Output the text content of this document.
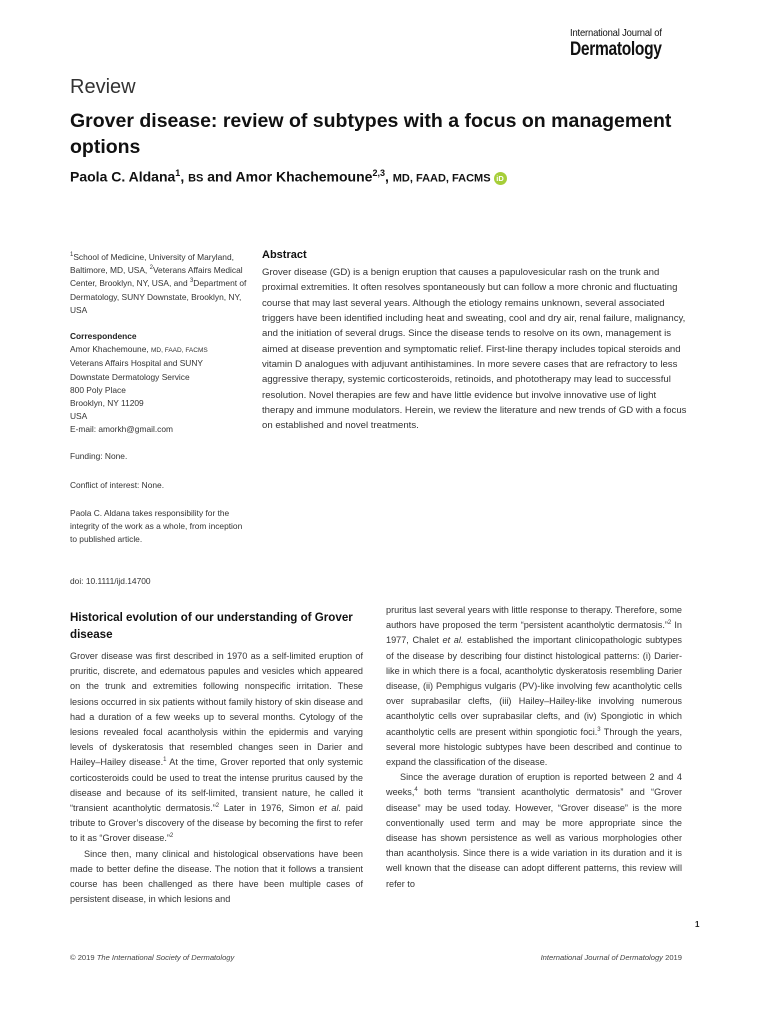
International Journal of
Dermatology
Review
Grover disease: review of subtypes with a focus on management options
Paola C. Aldana$^1$, BS and Amor Khachemoune$^{2,3}$, MD, FAAD, FACMS iD
$^1$School of Medicine, University of Maryland, Baltimore, MD, USA, $^2$Veterans Affairs Medical Center, Brooklyn, NY, USA, and $^3$Department of Dermatology, SUNY Downstate, Brooklyn, NY, USA
Correspondence
Amor Khachemoune, MD, FAAD, FACMS
Veterans Affairs Hospital and SUNY
Downstate Dermatology Service
800 Poly Place
Brooklyn, NY 11209
USA
E-mail: amorkh@gmail.com
Funding: None.
Conflict of interest: None.
Paola C. Aldana takes responsibility for the integrity of the work as a whole, from inception to published article.
doi: 10.1111/ijd.14700
Abstract

Grover disease (GD) is a benign eruption that causes a papulovesicular rash on the trunk and proximal extremities. It often resolves spontaneously but can follow a more chronic and fluctuating course that may last several years. Although the etiology remains unknown, several associated triggers have been identified including heat and sweating, cool and dry air, renal failure, malignancy, and the initiation of several drugs. Since the disease tends to resolve on its own, management is aimed at disease prevention and symptomatic relief. First-line therapy includes topical steroids and vitamin D analogues with adjuvant antihistamines. In more severe cases that are refractory to less aggressive therapy, systemic corticosteroids, retinoids, and phototherapy may lead to successful resolution. Novel therapies are few and have little evidence but involve innovative use of light therapy and immune modulators. Herein, we review the literature and new trends of GD with a focus on established and novel treatments.

Historical evolution of our understanding of Grover disease

Grover disease was first described in 1970 as a self-limited eruption of pruritic, discrete, and edematous papules and vesicles which appeared on the trunk and extremities following nonspecific irritation. These lesions occurred in six patients without family history of skin disease and had a duration of a few weeks up to several months. Cytology of the lesions revealed focal acantholysis within the epidermis and varying levels of dyskeratosis that resembled changes seen in Darier and Hailey–Hailey disease.$^1$ At the time, Grover reported that only systemic corticosteroids could be used to treat the intense pruritus caused by the disease and because of its self-limited, transient nature, he called it “transient acantholytic dermatosis.”$^2$ Later in 1976, Simon et al. paid tribute to Grover’s discovery of the disease by becoming the first to refer to it as “Grover disease.”$^2$

Since then, many clinical and histological observations have been made to better define the disease. The notion that it follows a transient course has been challenged as there have been multiple cases of persistent disease, in which lesions and

pruritus last several years with little response to therapy. Therefore, some authors have proposed the term “persistent acantholytic dermatosis.”$^2$ In 1977, Chalet et al. established the important clinicopathologic subtypes of the disease by describing four distinct histological patterns: (i) Darier-like in which there is a focal, acantholytic dyskeratosis resembling Darier disease, (ii) Pemphigus vulgaris (PV)-like involving few acantholytic cells over suprabasilar clefts, (iii) Hailey–Hailey-like involving numerous acantholytic cells over suprabasilar clefts, and (iv) Spongiotic in which acantholytic cells are present within spongiotic foci.$^3$ Through the years, several more histologic subtypes have been described and continue to expand the classification of the disease.

Since the average duration of eruption is reported between 2 and 4 weeks,$^4$ both terms “transient acantholytic dermatosis” and “Grover disease” may be used today. However, “Grover disease” is the more conventionally used term and may be more appropriate since the disease has shown persistence as well as various morphologies other than acantholysis. Since there is a wide variation in its duration and it is well known that the disease can adopt different patterns, this review will refer to

1
© 2019 The International Society of Dermatology	International Journal of Dermatology 2019
